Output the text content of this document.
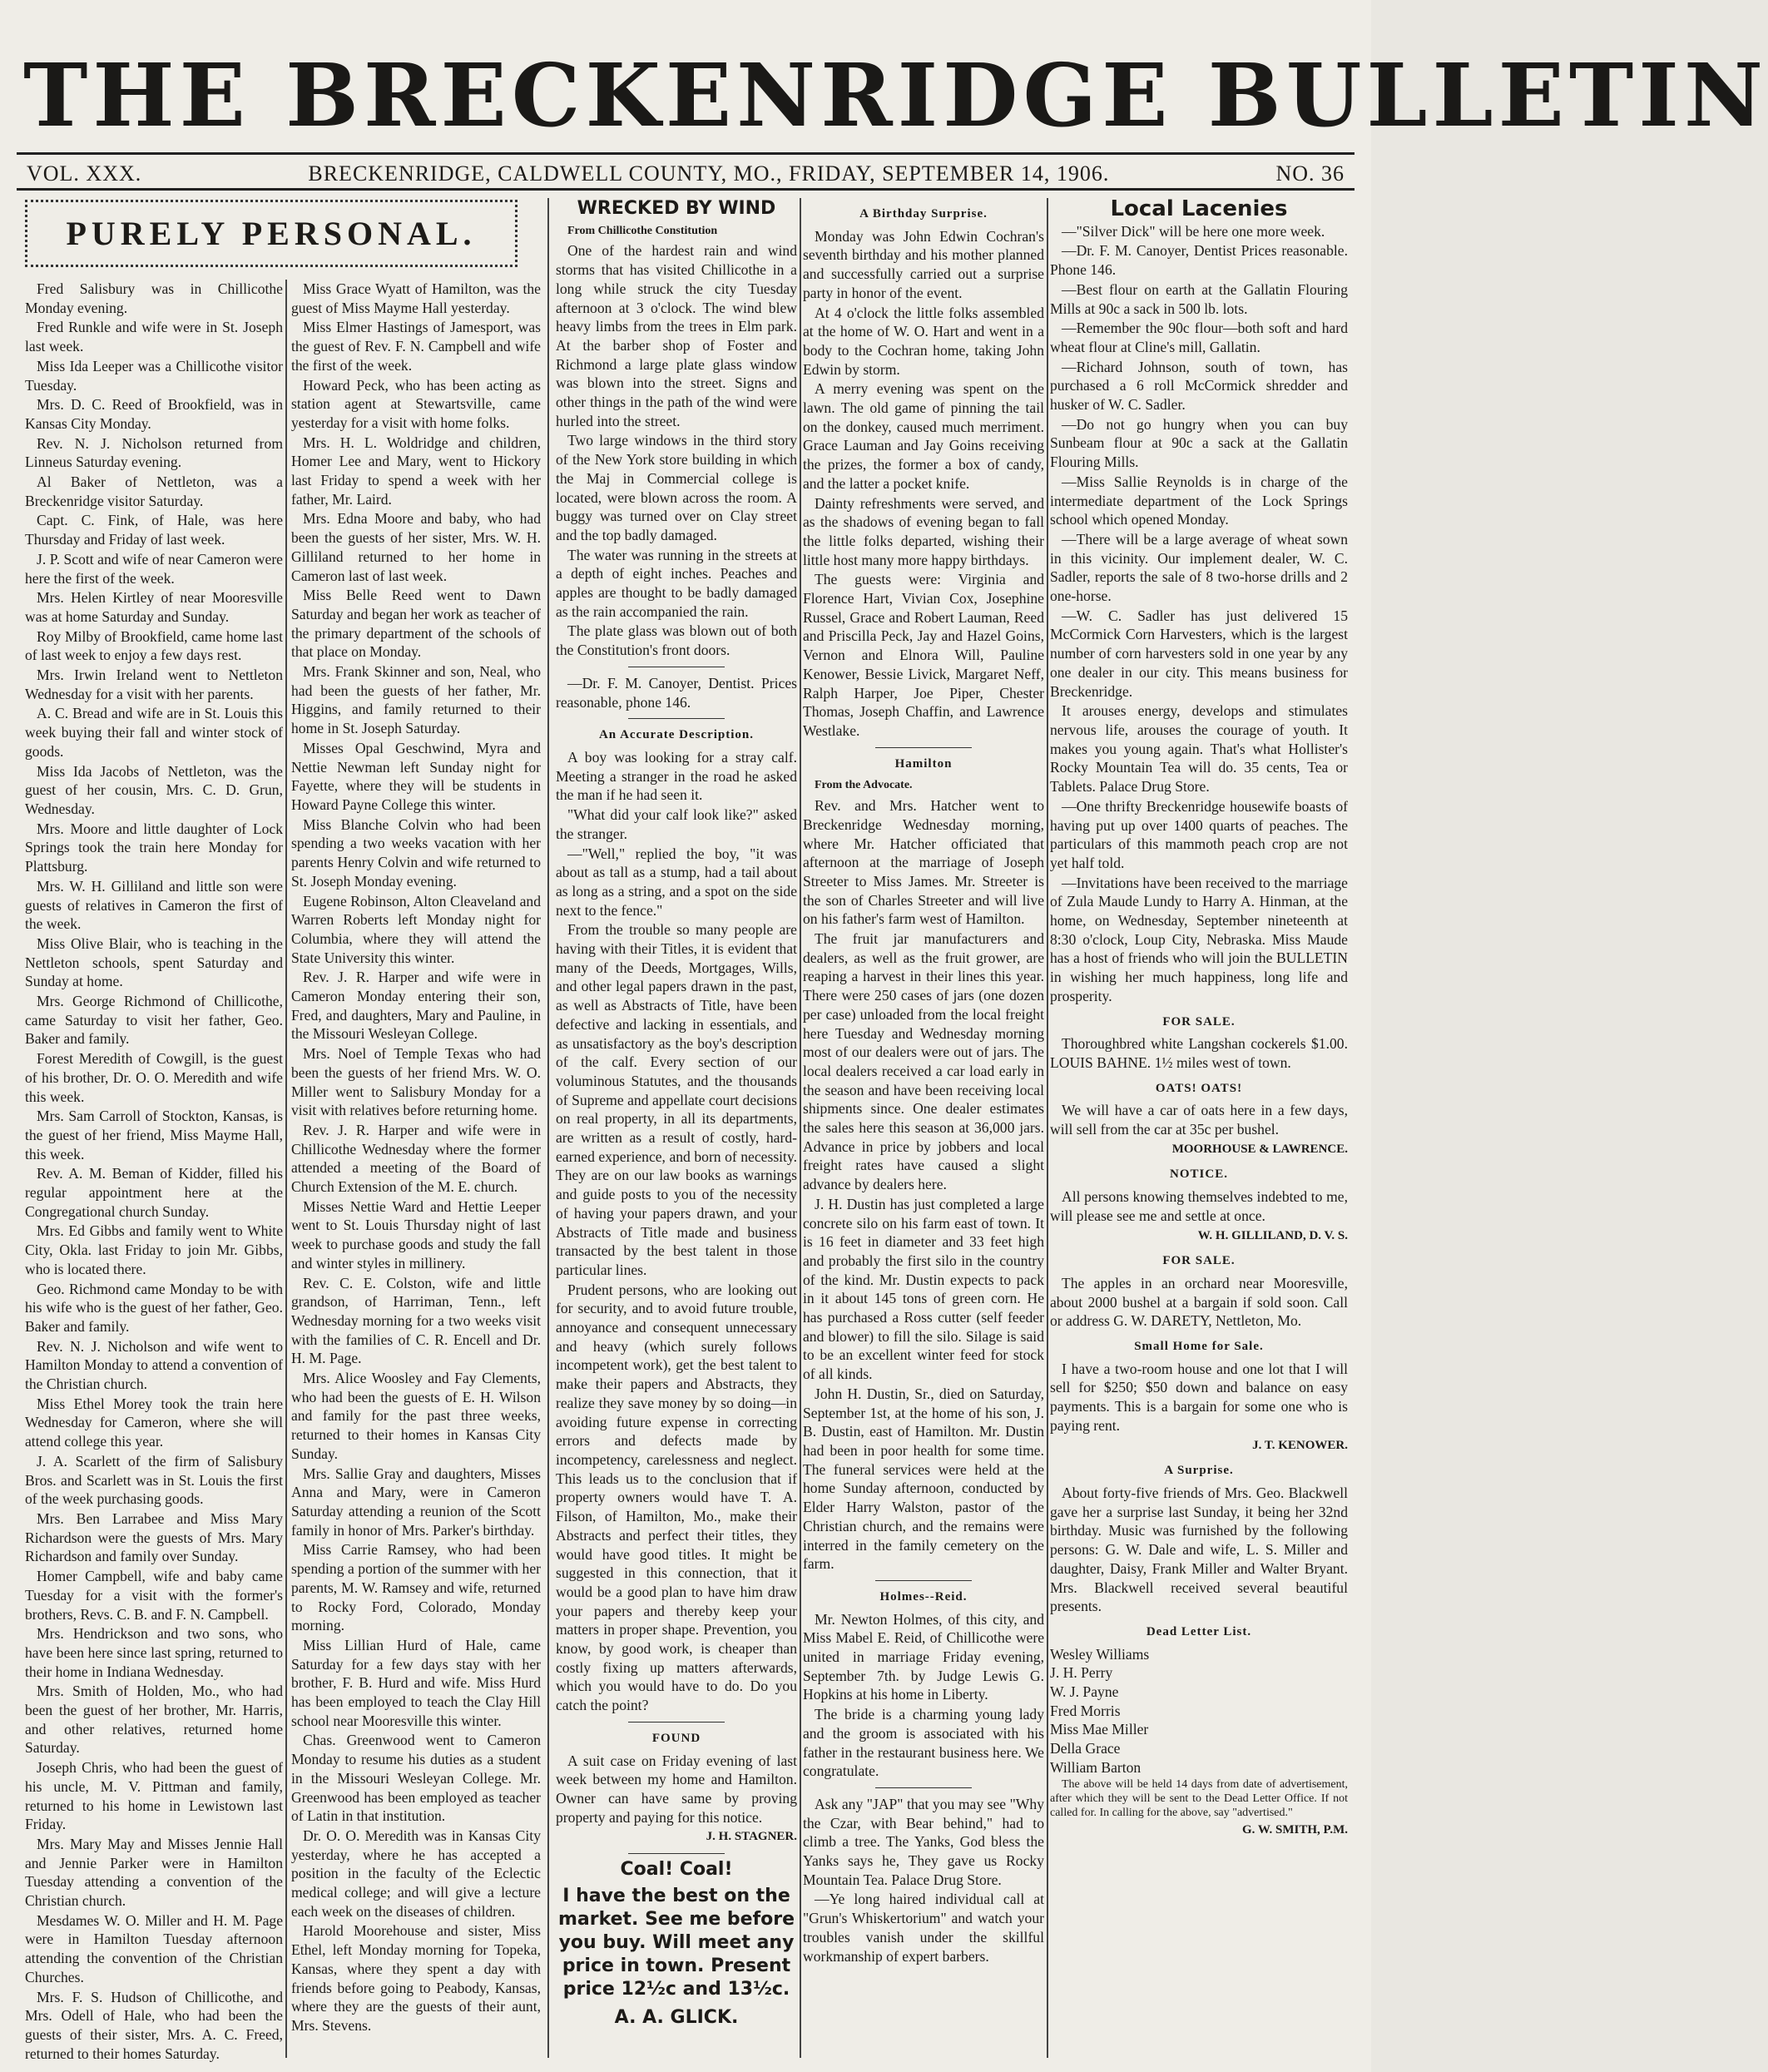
THE BRECKENRIDGE BULLETIN
VOL. XXX.	BRECKENRIDGE, CALDWELL COUNTY, MO., FRIDAY, SEPTEMBER 14, 1906.	NO. 36
PURELY PERSONAL.

Fred Salisbury was in Chillicothe Monday evening.

Fred Runkle and wife were in St. Joseph last week.

Miss Ida Leeper was a Chillicothe visitor Tuesday.

Mrs. D. C. Reed of Brookfield, was in Kansas City Monday.

Rev. N. J. Nicholson returned from Linneus Saturday evening.

Al Baker of Nettleton, was a Breckenridge visitor Saturday.

Capt. C. Fink, of Hale, was here Thursday and Friday of last week.

J. P. Scott and wife of near Cameron were here the first of the week.

Mrs. Helen Kirtley of near Mooresville was at home Saturday and Sunday.

Roy Milby of Brookfield, came home last of last week to enjoy a few days rest.

Mrs. Irwin Ireland went to Nettleton Wednesday for a visit with her parents.

A. C. Bread and wife are in St. Louis this week buying their fall and winter stock of goods.

Miss Ida Jacobs of Nettleton, was the guest of her cousin, Mrs. C. D. Grun, Wednesday.

Mrs. Moore and little daughter of Lock Springs took the train here Monday for Plattsburg.

Mrs. W. H. Gilliland and little son were guests of relatives in Cameron the first of the week.

Miss Olive Blair, who is teaching in the Nettleton schools, spent Saturday and Sunday at home.

Mrs. George Richmond of Chillicothe, came Saturday to visit her father, Geo. Baker and family.

Forest Meredith of Cowgill, is the guest of his brother, Dr. O. O. Meredith and wife this week.

Mrs. Sam Carroll of Stockton, Kansas, is the guest of her friend, Miss Mayme Hall, this week.

Rev. A. M. Beman of Kidder, filled his regular appointment here at the Congregational church Sunday.

Mrs. Ed Gibbs and family went to White City, Okla. last Friday to join Mr. Gibbs, who is located there.

Geo. Richmond came Monday to be with his wife who is the guest of her father, Geo. Baker and family.

Rev. N. J. Nicholson and wife went to Hamilton Monday to attend a convention of the Christian church.

Miss Ethel Morey took the train here Wednesday for Cameron, where she will attend college this year.

J. A. Scarlett of the firm of Salisbury Bros. and Scarlett was in St. Louis the first of the week purchasing goods.

Mrs. Ben Larrabee and Miss Mary Richardson were the guests of Mrs. Mary Richardson and family over Sunday.

Homer Campbell, wife and baby came Tuesday for a visit with the former's brothers, Revs. C. B. and F. N. Campbell.

Mrs. Hendrickson and two sons, who have been here since last spring, returned to their home in Indiana Wednesday.

Mrs. Smith of Holden, Mo., who had been the guest of her brother, Mr. Harris, and other relatives, returned home Saturday.

Joseph Chris, who had been the guest of his uncle, M. V. Pittman and family, returned to his home in Lewistown last Friday.

Mrs. Mary May and Misses Jennie Hall and Jennie Parker were in Hamilton Tuesday attending a convention of the Christian church.

Mesdames W. O. Miller and H. M. Page were in Hamilton Tuesday afternoon attending the convention of the Christian Churches.

Mrs. F. S. Hudson of Chillicothe, and Mrs. Odell of Hale, who had been the guests of their sister, Mrs. A. C. Freed, returned to their homes Saturday.

Miss Grace Wyatt of Hamilton, was the guest of Miss Mayme Hall yesterday.

Miss Elmer Hastings of Jamesport, was the guest of Rev. F. N. Campbell and wife the first of the week.

Howard Peck, who has been acting as station agent at Stewartsville, came yesterday for a visit with home folks.

Mrs. H. L. Woldridge and children, Homer Lee and Mary, went to Hickory last Friday to spend a week with her father, Mr. Laird.

Mrs. Edna Moore and baby, who had been the guests of her sister, Mrs. W. H. Gilliland returned to her home in Cameron last of last week.

Miss Belle Reed went to Dawn Saturday and began her work as teacher of the primary department of the schools of that place on Monday.

Mrs. Frank Skinner and son, Neal, who had been the guests of her father, Mr. Higgins, and family returned to their home in St. Joseph Saturday.

Misses Opal Geschwind, Myra and Nettie Newman left Sunday night for Fayette, where they will be students in Howard Payne College this winter.

Miss Blanche Colvin who had been spending a two weeks vacation with her parents Henry Colvin and wife returned to St. Joseph Monday evening.

Eugene Robinson, Alton Cleaveland and Warren Roberts left Monday night for Columbia, where they will attend the State University this winter.

Rev. J. R. Harper and wife were in Cameron Monday entering their son, Fred, and daughters, Mary and Pauline, in the Missouri Wesleyan College.

Mrs. Noel of Temple Texas who had been the guests of her friend Mrs. W. O. Miller went to Salisbury Monday for a visit with relatives before returning home.

Rev. J. R. Harper and wife were in Chillicothe Wednesday where the former attended a meeting of the Board of Church Extension of the M. E. church.

Misses Nettie Ward and Hettie Leeper went to St. Louis Thursday night of last week to purchase goods and study the fall and winter styles in millinery.

Rev. C. E. Colston, wife and little grandson, of Harriman, Tenn., left Wednesday morning for a two weeks visit with the families of C. R. Encell and Dr. H. M. Page.

Mrs. Alice Woosley and Fay Clements, who had been the guests of E. H. Wilson and family for the past three weeks, returned to their homes in Kansas City Sunday.

Mrs. Sallie Gray and daughters, Misses Anna and Mary, were in Cameron Saturday attending a reunion of the Scott family in honor of Mrs. Parker's birthday.

Miss Carrie Ramsey, who had been spending a portion of the summer with her parents, M. W. Ramsey and wife, returned to Rocky Ford, Colorado, Monday morning.

Miss Lillian Hurd of Hale, came Saturday for a few days stay with her brother, F. B. Hurd and wife. Miss Hurd has been employed to teach the Clay Hill school near Mooresville this winter.

Chas. Greenwood went to Cameron Monday to resume his duties as a student in the Missouri Wesleyan College. Mr. Greenwood has been employed as teacher of Latin in that institution.

Dr. O. O. Meredith was in Kansas City yesterday, where he has accepted a position in the faculty of the Eclectic medical college; and will give a lecture each week on the diseases of children.

Harold Moorehouse and sister, Miss Ethel, left Monday morning for Topeka, Kansas, where they spent a day with friends before going to Peabody, Kansas, where they are the guests of their aunt, Mrs. Stevens.

WRECKED BY WIND

From Chillicothe Constitution

One of the hardest rain and wind storms that has visited Chillicothe in a long while struck the city Tuesday afternoon at 3 o'clock. The wind blew heavy limbs from the trees in Elm park. At the barber shop of Foster and Richmond a large plate glass window was blown into the street. Signs and other things in the path of the wind were hurled into the street.

Two large windows in the third story of the New York store building in which the Maj in Commercial college is located, were blown across the room. A buggy was turned over on Clay street and the top badly damaged.

The water was running in the streets at a depth of eight inches. Peaches and apples are thought to be badly damaged as the rain accompanied the rain.

The plate glass was blown out of both the Constitution's front doors.

—Dr. F. M. Canoyer, Dentist. Prices reasonable, phone 146.

An Accurate Description.

A boy was looking for a stray calf. Meeting a stranger in the road he asked the man if he had seen it.

"What did your calf look like?" asked the stranger.

—"Well," replied the boy, "it was about as tall as a stump, had a tail about as long as a string, and a spot on the side next to the fence."

From the trouble so many people are having with their Titles, it is evident that many of the Deeds, Mortgages, Wills, and other legal papers drawn in the past, as well as Abstracts of Title, have been defective and lacking in essentials, and as unsatisfactory as the boy's description of the calf. Every section of our voluminous Statutes, and the thousands of Supreme and appellate court decisions on real property, in all its departments, are written as a result of costly, hard-earned experience, and born of necessity. They are on our law books as warnings and guide posts to you of the necessity of having your papers drawn, and your Abstracts of Title made and business transacted by the best talent in those particular lines.

Prudent persons, who are looking out for security, and to avoid future trouble, annoyance and consequent unnecessary and heavy (which surely follows incompetent work), get the best talent to make their papers and Abstracts, they realize they save money by so doing—in avoiding future expense in correcting errors and defects made by incompetency, carelessness and neglect. This leads us to the conclusion that if property owners would have T. A. Filson, of Hamilton, Mo., make their Abstracts and perfect their titles, they would have good titles. It might be suggested in this connection, that it would be a good plan to have him draw your papers and thereby keep your matters in proper shape. Prevention, you know, by good work, is cheaper than costly fixing up matters afterwards, which you would have to do. Do you catch the point?

FOUND

A suit case on Friday evening of last week between my home and Hamilton. Owner can have same by proving property and paying for this notice.

J. H. STAGNER.

Coal! Coal!
I have the best on the market. See me before you buy. Will meet any price in town. Present price 12½c and 13½c.
A. A. GLICK.
A Birthday Surprise.

Monday was John Edwin Cochran's seventh birthday and his mother planned and successfully carried out a surprise party in honor of the event.

At 4 o'clock the little folks assembled at the home of W. O. Hart and went in a body to the Cochran home, taking John Edwin by storm.

A merry evening was spent on the lawn. The old game of pinning the tail on the donkey, caused much merriment. Grace Lauman and Jay Goins receiving the prizes, the former a box of candy, and the latter a pocket knife.

Dainty refreshments were served, and as the shadows of evening began to fall the little folks departed, wishing their little host many more happy birthdays.

The guests were: Virginia and Florence Hart, Vivian Cox, Josephine Russel, Grace and Robert Lauman, Reed and Priscilla Peck, Jay and Hazel Goins, Vernon and Elnora Will, Pauline Kenower, Bessie Livick, Margaret Neff, Ralph Harper, Joe Piper, Chester Thomas, Joseph Chaffin, and Lawrence Westlake.

Hamilton

From the Advocate.

Rev. and Mrs. Hatcher went to Breckenridge Wednesday morning, where Mr. Hatcher officiated that afternoon at the marriage of Joseph Streeter to Miss James. Mr. Streeter is the son of Charles Streeter and will live on his father's farm west of Hamilton.

The fruit jar manufacturers and dealers, as well as the fruit grower, are reaping a harvest in their lines this year. There were 250 cases of jars (one dozen per case) unloaded from the local freight here Tuesday and Wednesday morning most of our dealers were out of jars. The local dealers received a car load early in the season and have been receiving local shipments since. One dealer estimates the sales here this season at 36,000 jars. Advance in price by jobbers and local freight rates have caused a slight advance by dealers here.

J. H. Dustin has just completed a large concrete silo on his farm east of town. It is 16 feet in diameter and 33 feet high and probably the first silo in the country of the kind. Mr. Dustin expects to pack in it about 145 tons of green corn. He has purchased a Ross cutter (self feeder and blower) to fill the silo. Silage is said to be an excellent winter feed for stock of all kinds.

John H. Dustin, Sr., died on Saturday, September 1st, at the home of his son, J. B. Dustin, east of Hamilton. Mr. Dustin had been in poor health for some time. The funeral services were held at the home Sunday afternoon, conducted by Elder Harry Walston, pastor of the Christian church, and the remains were interred in the family cemetery on the farm.

Holmes--Reid.

Mr. Newton Holmes, of this city, and Miss Mabel E. Reid, of Chillicothe were united in marriage Friday evening, September 7th. by Judge Lewis G. Hopkins at his home in Liberty.

The bride is a charming young lady and the groom is associated with his father in the restaurant business here. We congratulate.

Ask any "JAP" that you may see "Why the Czar, with Bear behind," had to climb a tree. The Yanks, God bless the Yanks says he, They gave us Rocky Mountain Tea. Palace Drug Store.

—Ye long haired individual call at "Grun's Whiskertorium" and watch your troubles vanish under the skillful workmanship of expert barbers.

Local Lacenies

—"Silver Dick" will be here one more week.

—Dr. F. M. Canoyer, Dentist Prices reasonable. Phone 146.

—Best flour on earth at the Gallatin Flouring Mills at 90c a sack in 500 lb. lots.

—Remember the 90c flour—both soft and hard wheat flour at Cline's mill, Gallatin.

—Richard Johnson, south of town, has purchased a 6 roll McCormick shredder and husker of W. C. Sadler.

—Do not go hungry when you can buy Sunbeam flour at 90c a sack at the Gallatin Flouring Mills.

—Miss Sallie Reynolds is in charge of the intermediate department of the Lock Springs school which opened Monday.

—There will be a large average of wheat sown in this vicinity. Our implement dealer, W. C. Sadler, reports the sale of 8 two-horse drills and 2 one-horse.

—W. C. Sadler has just delivered 15 McCormick Corn Harvesters, which is the largest number of corn harvesters sold in one year by any one dealer in our city. This means business for Breckenridge.

It arouses energy, develops and stimulates nervous life, arouses the courage of youth. It makes you young again. That's what Hollister's Rocky Mountain Tea will do. 35 cents, Tea or Tablets. Palace Drug Store.

—One thrifty Breckenridge housewife boasts of having put up over 1400 quarts of peaches. The particulars of this mammoth peach crop are not yet half told.

—Invitations have been received to the marriage of Zula Maude Lundy to Harry A. Hinman, at the home, on Wednesday, September nineteenth at 8:30 o'clock, Loup City, Nebraska. Miss Maude has a host of friends who will join the BULLETIN in wishing her much happiness, long life and prosperity.

FOR SALE.

Thoroughbred white Langshan cockerels $1.00. LOUIS BAHNE. 1½ miles west of town.

OATS! OATS!

We will have a car of oats here in a few days, will sell from the car at 35c per bushel.

MOORHOUSE & LAWRENCE.

NOTICE.

All persons knowing themselves indebted to me, will please see me and settle at once.

W. H. GILLILAND, D. V. S.

FOR SALE.

The apples in an orchard near Mooresville, about 2000 bushel at a bargain if sold soon. Call or address G. W. DARETY, Nettleton, Mo.

Small Home for Sale.

I have a two-room house and one lot that I will sell for $250; $50 down and balance on easy payments. This is a bargain for some one who is paying rent.

J. T. KENOWER.

A Surprise.

About forty-five friends of Mrs. Geo. Blackwell gave her a surprise last Sunday, it being her 32nd birthday. Music was furnished by the following persons: G. W. Dale and wife, L. S. Miller and daughter, Daisy, Frank Miller and Walter Bryant. Mrs. Blackwell received several beautiful presents.

Dead Letter List.

Wesley Williams

J. H. Perry

W. J. Payne

Fred Morris

Miss Mae Miller

Della Grace

William Barton

The above will be held 14 days from date of advertisement, after which they will be sent to the Dead Letter Office. If not called for. In calling for the above, say "advertised."

G. W. SMITH, P.M.
